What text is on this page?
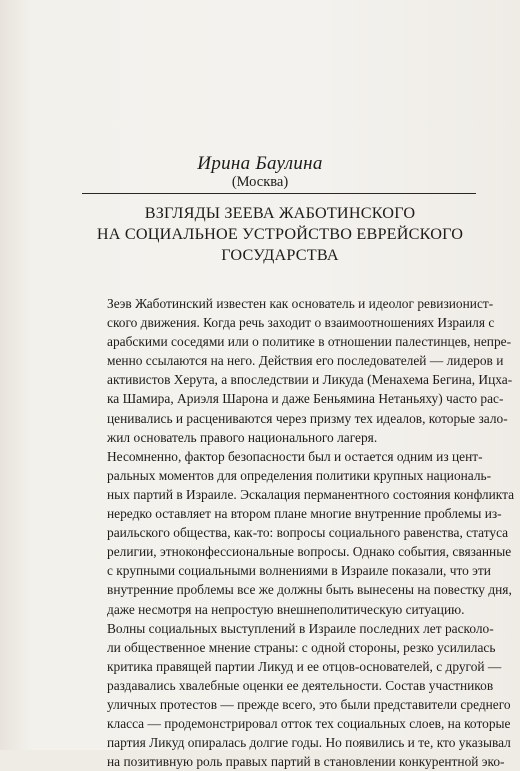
Ирина Баулина
(Москва)
ВЗГЛЯДЫ ЗЕЕВА ЖАБОТИНСКОГО
НА СОЦИАЛЬНОЕ УСТРОЙСТВО ЕВРЕЙСКОГО
ГОСУДАРСТВА

Зеэв Жаботинский известен как основатель и идеолог ревизионист-
ского движения. Когда речь заходит о взаимоотношениях Израиля с
арабскими соседями или о политике в отношении палестинцев, непре-
менно ссылаются на него. Действия его последователей — лидеров и
активистов Херута, а впоследствии и Ликуда (Менахема Бегина, Ицха-
ка Шамира, Ариэля Шарона и даже Беньямина Нетаньяху) часто рас-
ценивались и расцениваются через призму тех идеалов, которые зало-
жил основатель правого национального лагеря.

Несомненно, фактор безопасности был и остается одним из цент-
ральных моментов для определения политики крупных националь-
ных партий в Израиле. Эскалация перманентного состояния конфликта
нередко оставляет на втором плане многие внутренние проблемы из-
раильского общества, как-то: вопросы социального равенства, статуса
религии, этноконфессиональные вопросы. Однако события, связанные
с крупными социальными волнениями в Израиле показали, что эти
внутренние проблемы все же должны быть вынесены на повестку дня,
даже несмотря на непростую внешнеполитическую ситуацию.

Волны социальных выступлений в Израиле последних лет расколо-
ли общественное мнение страны: с одной стороны, резко усилилась
критика правящей партии Ликуд и ее отцов-основателей, с другой —
раздавались хвалебные оценки ее деятельности. Состав участников
уличных протестов — прежде всего, это были представители среднего
класса — продемонстрировал отток тех социальных слоев, на которые
партия Ликуд опиралась долгие годы. Но появились и те, кто указывал
на позитивную роль правых партий в становлении конкурентной эко-
